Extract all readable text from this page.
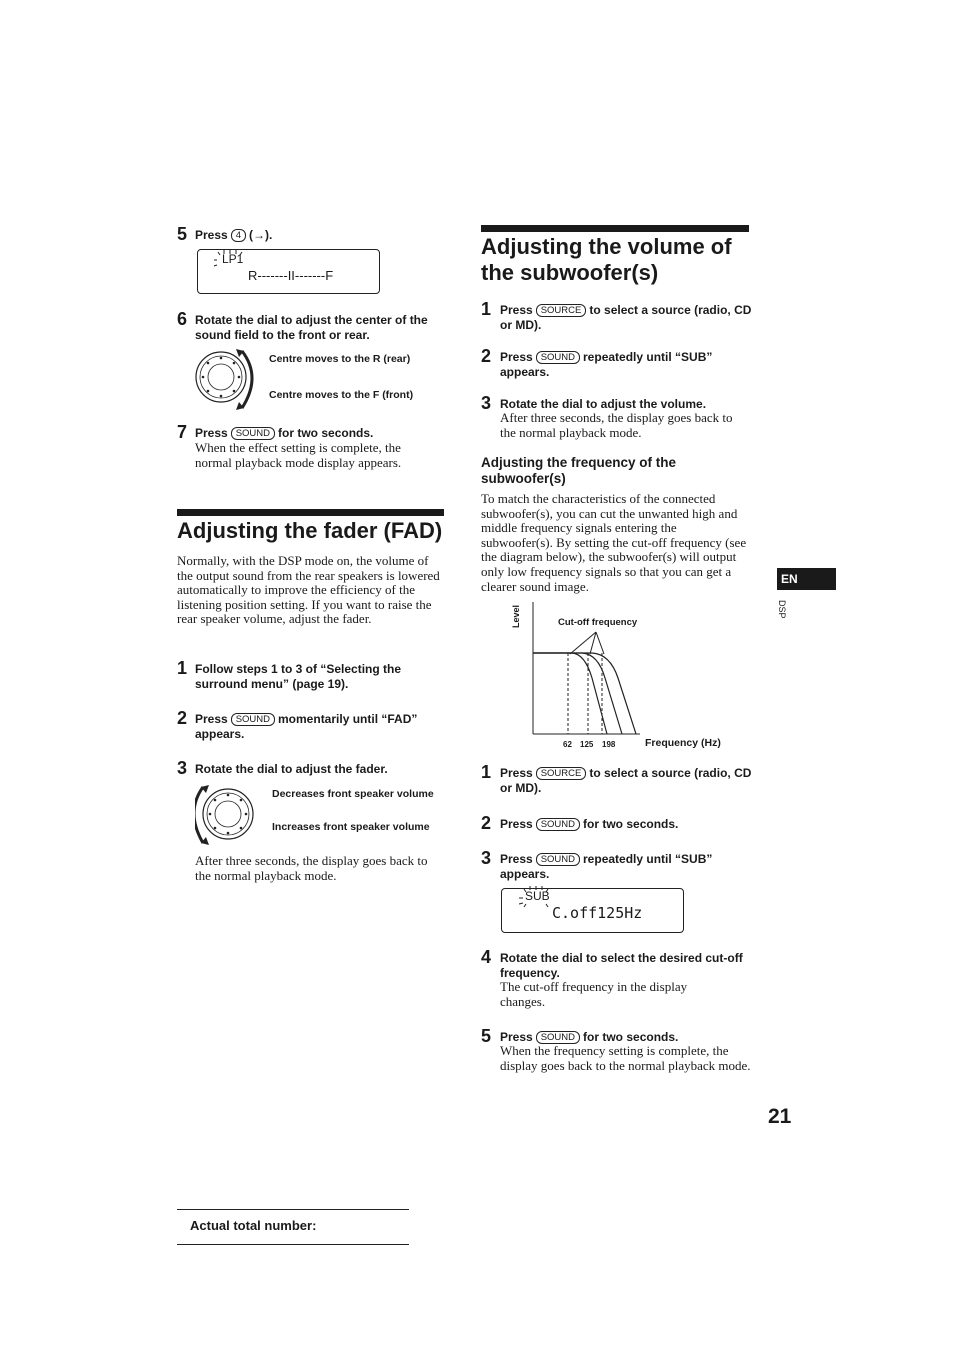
5 Press 4 (→).
LP1
R-------II-------F
6 Rotate the dial to adjust the center of the sound field to the front or rear.
Centre moves to the R (rear)
Centre moves to the F (front)
7 Press SOUND for two seconds.
When the effect setting is complete, the normal playback mode display appears.
Adjusting the fader (FAD)
Normally, with the DSP mode on, the volume of the output sound from the rear speakers is lowered automatically to improve the efficiency of the listening position setting. If you want to raise the rear speaker volume, adjust the fader.
1 Follow steps 1 to 3 of “Selecting the surround menu” (page 19).
2 Press SOUND momentarily until “FAD” appears.
3 Rotate the dial to adjust the fader.
Decreases front speaker volume
Increases front speaker volume
After three seconds, the display goes back to the normal playback mode.
Actual total number:
Adjusting the volume of the subwoofer(s)
1 Press SOURCE to select a source (radio, CD or MD).
2 Press SOUND repeatedly until “SUB” appears.
3 Rotate the dial to adjust the volume.
After three seconds, the display goes back to the normal playback mode.
Adjusting the frequency of the subwoofer(s)
To match the characteristics of the connected subwoofer(s), you can cut the unwanted high and middle frequency signals entering the subwoofer(s). By setting the cut-off frequency (see the diagram below), the subwoofer(s) will output only low frequency signals so that you can get a clearer sound image.
Level	Cut-off frequency
62 125 198	Frequency (Hz)
1 Press SOURCE to select a source (radio, CD or MD).
2 Press SOUND for two seconds.
3 Press SOUND repeatedly until “SUB” appears.
SUB
C.off125Hz
4 Rotate the dial to select the desired cut-off frequency.
The cut-off frequency in the display changes.
5 Press SOUND for two seconds.
When the frequency setting is complete, the display goes back to the normal playback mode.
EN
DSP
21
